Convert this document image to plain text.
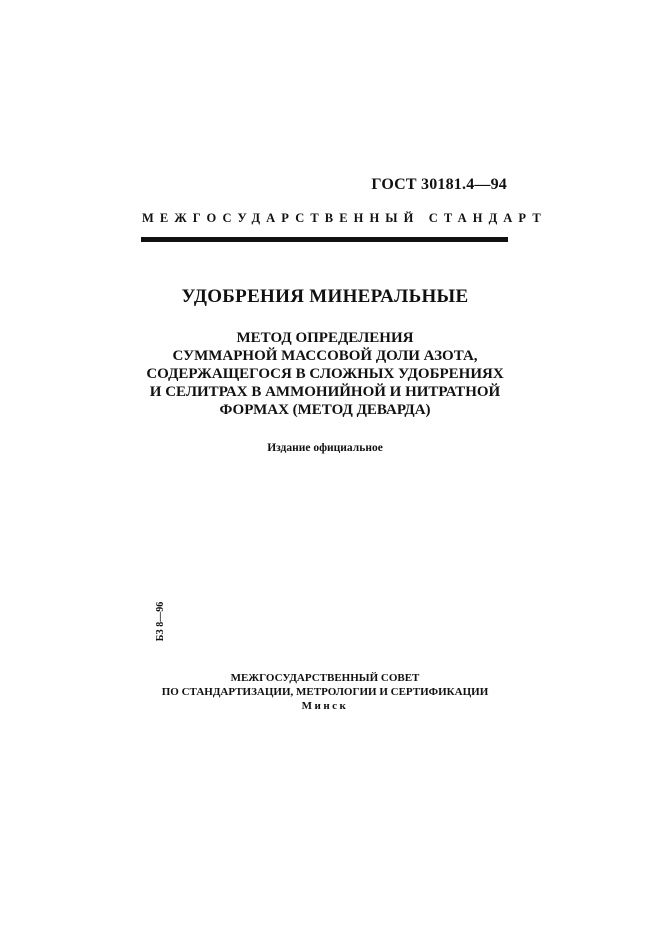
ГОСТ 30181.4—94
МЕЖГОСУДАРСТВЕННЫЙ СТАНДАРТ
УДОБРЕНИЯ МИНЕРАЛЬНЫЕ
МЕТОД ОПРЕДЕЛЕНИЯ
СУММАРНОЙ МАССОВОЙ ДОЛИ АЗОТА,
СОДЕРЖАЩЕГОСЯ В СЛОЖНЫХ УДОБРЕНИЯХ
И СЕЛИТРАХ В АММОНИЙНОЙ И НИТРАТНОЙ
ФОРМАХ (МЕТОД ДЕВАРДА)
Издание официальное
БЗ 8—96
МЕЖГОСУДАРСТВЕННЫЙ СОВЕТ
ПО СТАНДАРТИЗАЦИИ, МЕТРОЛОГИИ И СЕРТИФИКАЦИИ
Минск
